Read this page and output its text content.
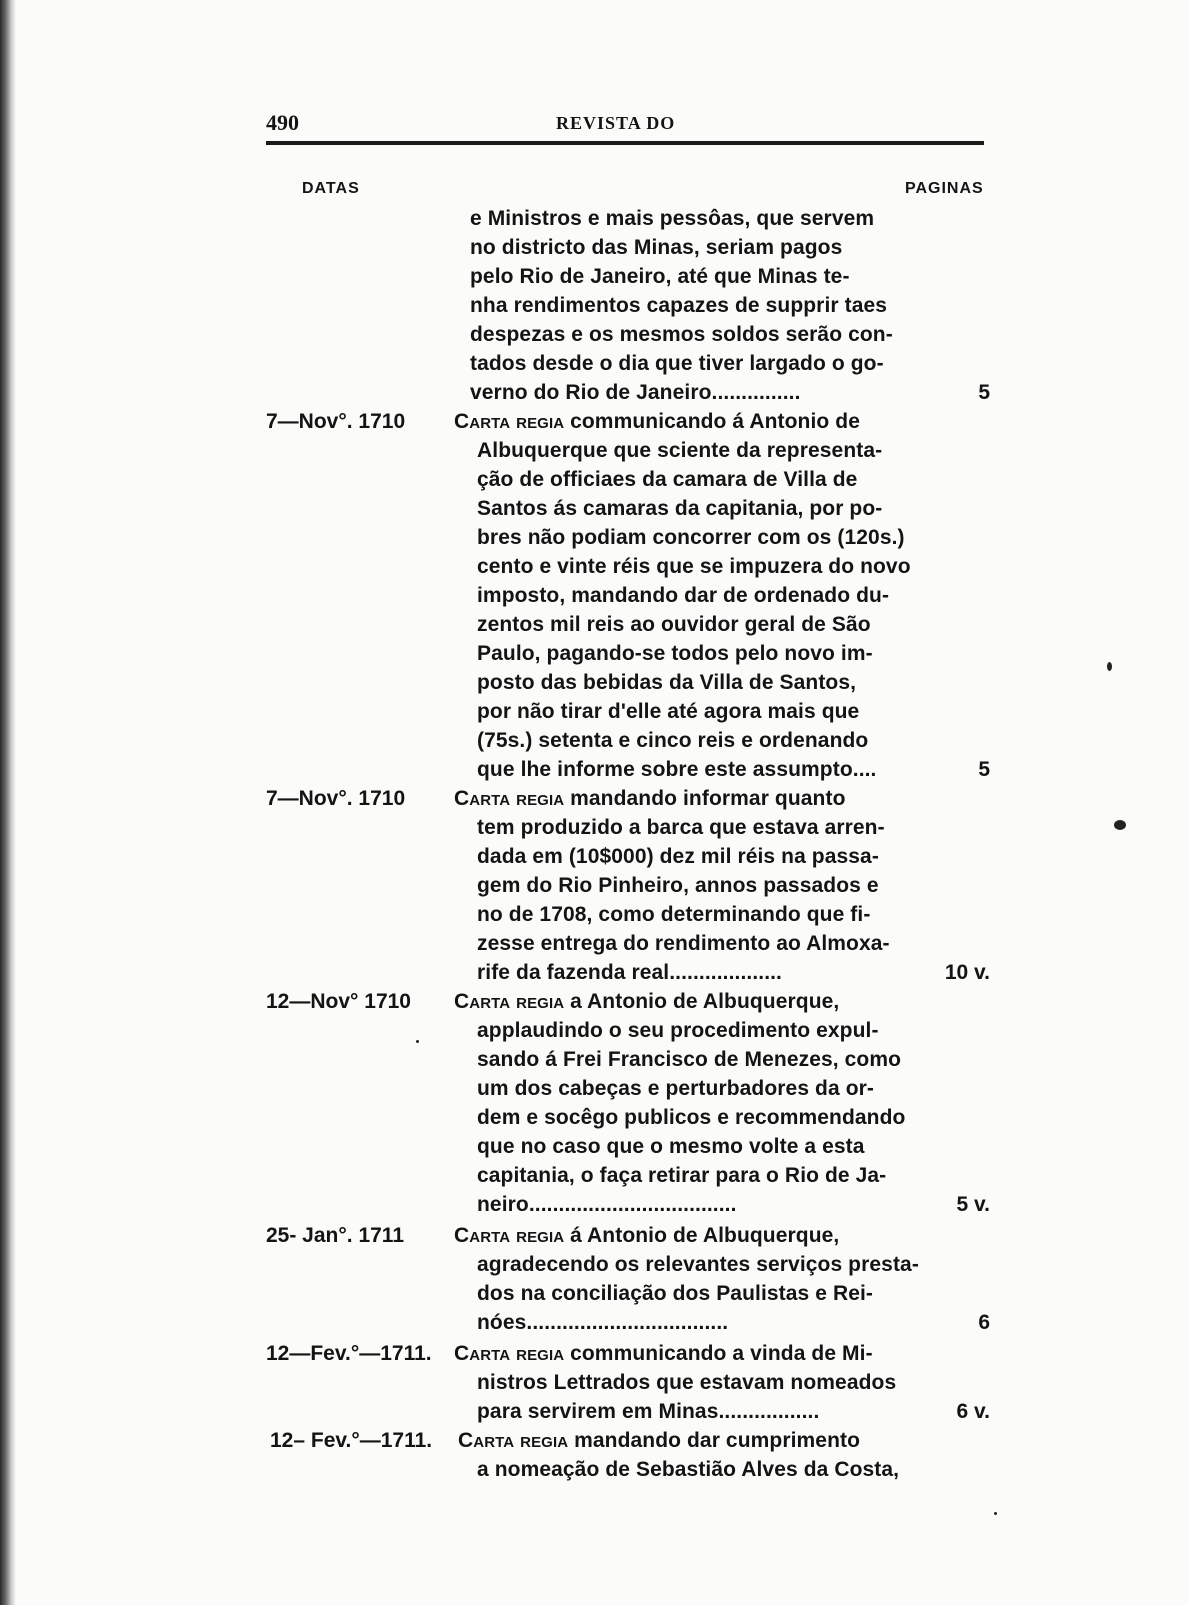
490	REVISTA DO
DATAS	PAGINAS
e Ministros e mais pessôas, que servem
no districto das Minas, seriam pagos
pelo Rio de Janeiro, até que Minas te-
nha rendimentos capazes de supprir taes
despezas e os mesmos soldos serão con-
tados desde o dia que tiver largado o go-
verno do Rio de Janeiro...............	5
7—Nov°. 1710 Carta regia communicando á Antonio de
Albuquerque que sciente da representa-
ção de officiaes da camara de Villa de
Santos ás camaras da capitania, por po-
bres não podiam concorrer com os (120s.)
cento e vinte réis que se impuzera do novo
imposto, mandando dar de ordenado du-
zentos mil reis ao ouvidor geral de São
Paulo, pagando-se todos pelo novo im-
posto das bebidas da Villa de Santos,
por não tirar d'elle até agora mais que
(75s.) setenta e cinco reis e ordenando
que lhe informe sobre este assumpto....	5
7—Nov°. 1710 Carta regia mandando informar quanto
tem produzido a barca que estava arren-
dada em (10$000) dez mil réis na passa-
gem do Rio Pinheiro, annos passados e
no de 1708, como determinando que fi-
zesse entrega do rendimento ao Almoxa-
rife da fazenda real...................	10 v.
12—Nov° 1710 Carta regia a Antonio de Albuquerque,
applaudindo o seu procedimento expul-
sando á Frei Francisco de Menezes, como
um dos cabeças e perturbadores da or-
dem e socêgo publicos e recommendando
que no caso que o mesmo volte a esta
capitania, o faça retirar para o Rio de Ja-
neiro...................................	5 v.
25- Jan°. 1711 Carta regia á Antonio de Albuquerque,
agradecendo os relevantes serviços presta-
dos na conciliação dos Paulistas e Rei-
nóes..................................	6
12—Fev.°—1711. Carta regia communicando a vinda de Mi-
nistros Lettrados que estavam nomeados
para servirem em Minas.................	6 v.
12– Fev.°—1711. Carta regia mandando dar cumprimento
a nomeação de Sebastião Alves da Costa,
